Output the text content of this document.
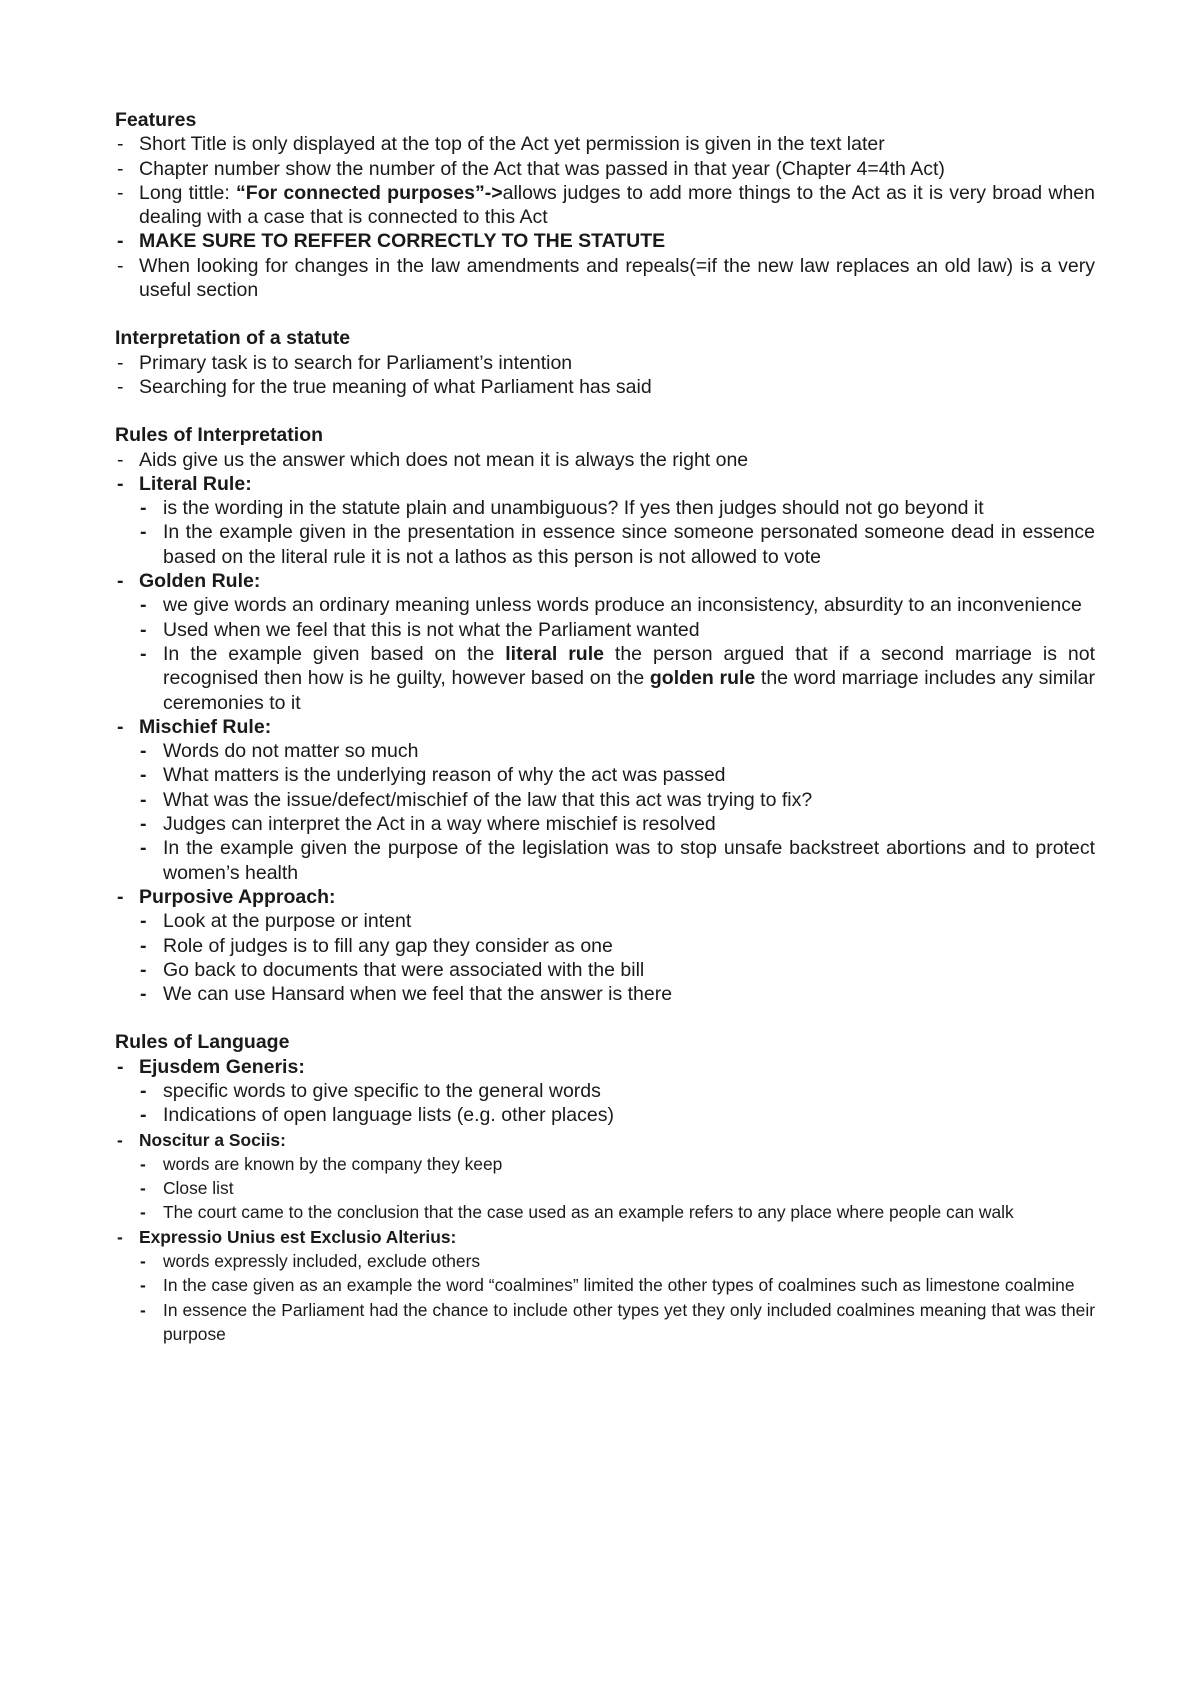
Features

- Short Title is only displayed at the top of the Act yet permission is given in the text later
- Chapter number show the number of the Act that was passed in that year (Chapter 4=4th Act)
- Long tittle: “For connected purposes”->allows judges to add more things to the Act as it is very broad when dealing with a case that is connected to this Act
- MAKE SURE TO REFFER CORRECTLY TO THE STATUTE
- When looking for changes in the law amendments and repeals(=if the new law replaces an old law) is a very useful section

Interpretation of a statute

- Primary task is to search for Parliament’s intention
- Searching for the true meaning of what Parliament has said

Rules of Interpretation

- Aids give us the answer which does not mean it is always the right one
- Literal Rule:
- is the wording in the statute plain and unambiguous? If yes then judges should not go beyond it
- In the example given in the presentation in essence since someone personated someone dead in essence based on the literal rule it is not a lathos as this person is not allowed to vote
- Golden Rule:
- we give words an ordinary meaning unless words produce an inconsistency, absurdity to an inconvenience
- Used when we feel that this is not what the Parliament wanted
- In the example given based on the literal rule the person argued that if a second marriage is not recognised then how is he guilty, however based on the golden rule the word marriage includes any similar ceremonies to it
- Mischief Rule:
- Words do not matter so much
- What matters is the underlying reason of why the act was passed
- What was the issue/defect/mischief of the law that this act was trying to fix?
- Judges can interpret the Act in a way where mischief is resolved
- In the example given the purpose of the legislation was to stop unsafe backstreet abortions and to protect women’s health
- Purposive Approach:
- Look at the purpose or intent
- Role of judges is to fill any gap they consider as one
- Go back to documents that were associated with the bill
- We can use Hansard when we feel that the answer is there

Rules of Language

- Ejusdem Generis:
- specific words to give specific to the general words
- Indications of open language lists (e.g. other places)
- Noscitur a Sociis:
- words are known by the company they keep
- Close list
- The court came to the conclusion that the case used as an example refers to any place where people can walk
- Expressio Unius est Exclusio Alterius:
- words expressly included, exclude others
- In the case given as an example the word “coalmines” limited the other types of coalmines such as limestone coalmine
- In essence the Parliament had the chance to include other types yet they only included coalmines meaning that was their purpose
